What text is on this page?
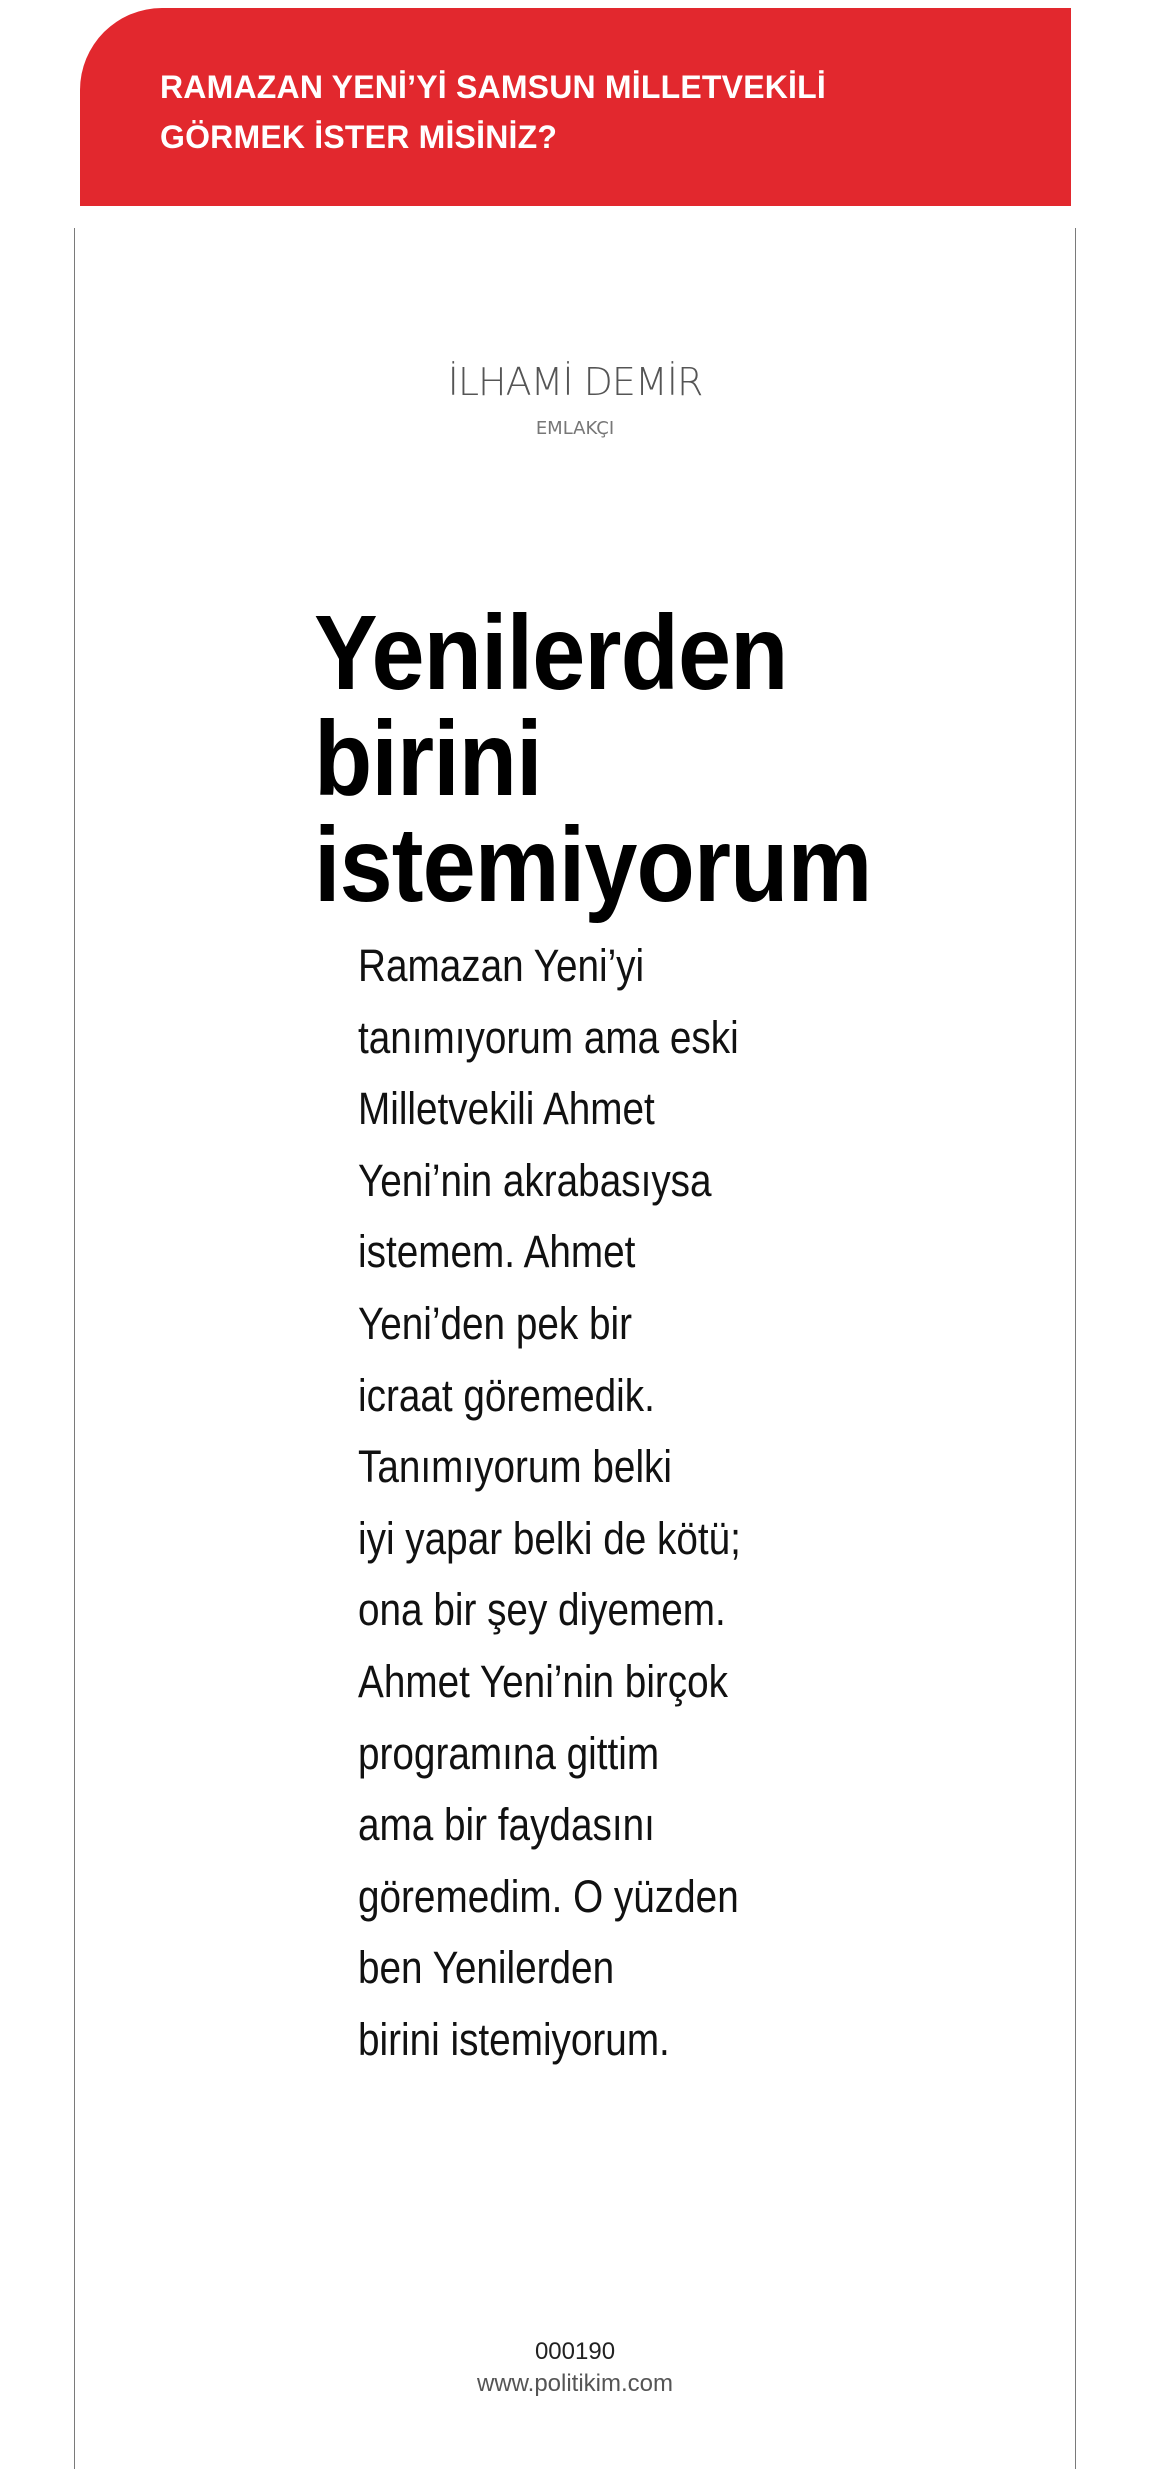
RAMAZAN YENİ’Yİ SAMSUN MİLLETVEKİLİ
GÖRMEK İSTER MİSİNİZ?
İLHAMİ DEMİR
EMLAKÇI
Yenilerden
birini
istemiyorum

Ramazan Yeni’yi
tanımıyorum ama eski
Milletvekili Ahmet
Yeni’nin akrabasıysa
istemem. Ahmet
Yeni’den pek bir
icraat göremedik.
Tanımıyorum belki
iyi yapar belki de kötü;
ona bir şey diyemem.
Ahmet Yeni’nin birçok
programına gittim
ama bir faydasını
göremedim. O yüzden
ben Yenilerden
birini istemiyorum.

000190
www.politikim.com
